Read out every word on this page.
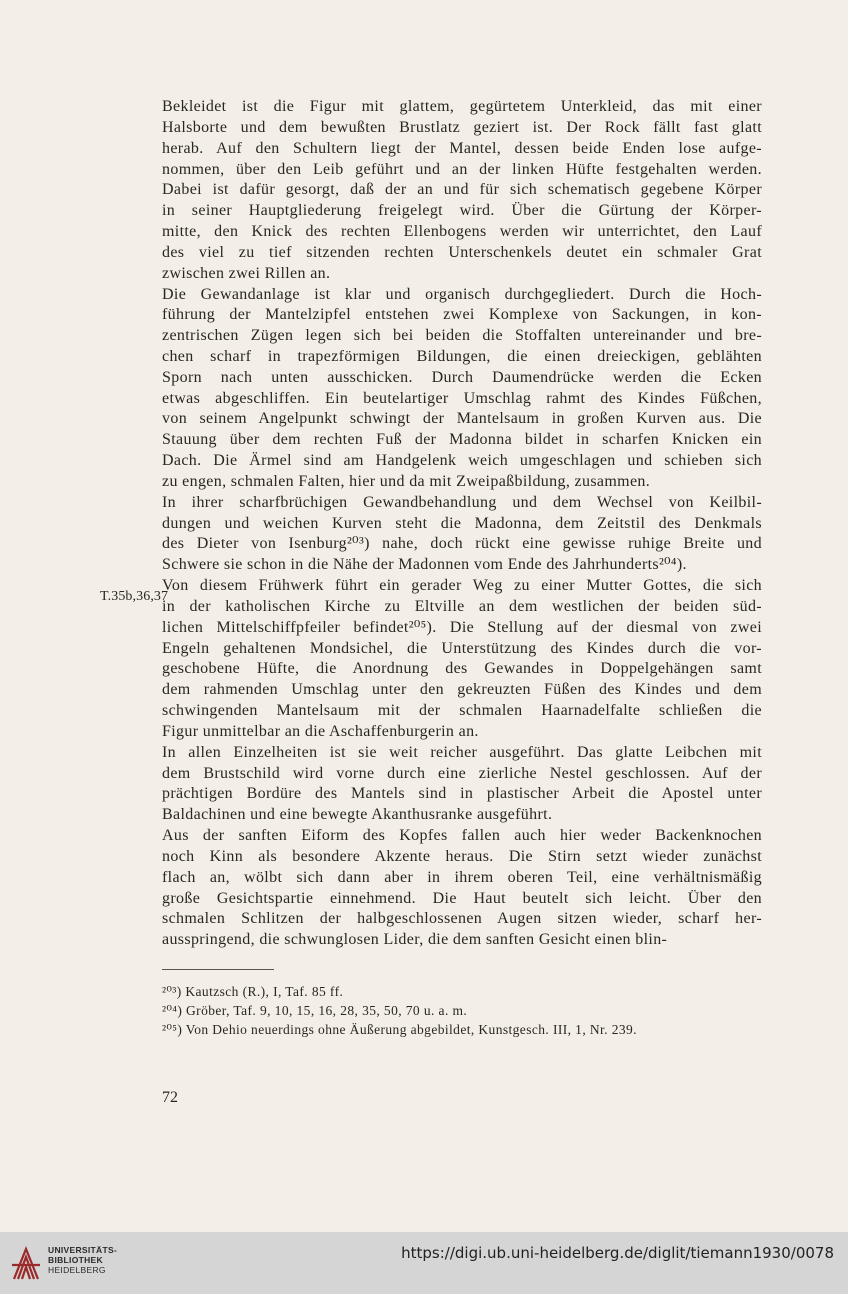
Bekleidet ist die Figur mit glattem, gegürtetem Unterkleid, das mit einer
Halsborte und dem bewußten Brustlatz geziert ist. Der Rock fällt fast glatt
herab. Auf den Schultern liegt der Mantel, dessen beide Enden lose aufge-
nommen, über den Leib geführt und an der linken Hüfte festgehalten werden.
Dabei ist dafür gesorgt, daß der an und für sich schematisch gegebene Körper
in seiner Hauptgliederung freigelegt wird. Über die Gürtung der Körper-
mitte, den Knick des rechten Ellenbogens werden wir unterrichtet, den Lauf
des viel zu tief sitzenden rechten Unterschenkels deutet ein schmaler Grat
zwischen zwei Rillen an.
Die Gewandanlage ist klar und organisch durchgegliedert. Durch die Hoch-
führung der Mantelzipfel entstehen zwei Komplexe von Sackungen, in kon-
zentrischen Zügen legen sich bei beiden die Stoffalten untereinander und bre-
chen scharf in trapezförmigen Bildungen, die einen dreieckigen, geblähten
Sporn nach unten ausschicken. Durch Daumendrücke werden die Ecken
etwas abgeschliffen. Ein beutelartiger Umschlag rahmt des Kindes Füßchen,
von seinem Angelpunkt schwingt der Mantelsaum in großen Kurven aus. Die
Stauung über dem rechten Fuß der Madonna bildet in scharfen Knicken ein
Dach. Die Ärmel sind am Handgelenk weich umgeschlagen und schieben sich
zu engen, schmalen Falten, hier und da mit Zweipaßbildung, zusammen.
In ihrer scharfbrüchigen Gewandbehandlung und dem Wechsel von Keilbil-
dungen und weichen Kurven steht die Madonna, dem Zeitstil des Denkmals
des Dieter von Isenburg²⁰³) nahe, doch rückt eine gewisse ruhige Breite und
Schwere sie schon in die Nähe der Madonnen vom Ende des Jahrhunderts²⁰⁴).
Von diesem Frühwerk führt ein gerader Weg zu einer Mutter Gottes, die sich
in der katholischen Kirche zu Eltville an dem westlichen der beiden süd-
lichen Mittelschiffpfeiler befindet²⁰⁵). Die Stellung auf der diesmal von zwei
Engeln gehaltenen Mondsichel, die Unterstützung des Kindes durch die vor-
geschobene Hüfte, die Anordnung des Gewandes in Doppelgehängen samt
dem rahmenden Umschlag unter den gekreuzten Füßen des Kindes und dem
schwingenden Mantelsaum mit der schmalen Haarnadelfalte schließen die
Figur unmittelbar an die Aschaffenburgerin an.
In allen Einzelheiten ist sie weit reicher ausgeführt. Das glatte Leibchen mit
dem Brustschild wird vorne durch eine zierliche Nestel geschlossen. Auf der
prächtigen Bordüre des Mantels sind in plastischer Arbeit die Apostel unter
Baldachinen und eine bewegte Akanthusranke ausgeführt.
Aus der sanften Eiform des Kopfes fallen auch hier weder Backenknochen
noch Kinn als besondere Akzente heraus. Die Stirn setzt wieder zunächst
flach an, wölbt sich dann aber in ihrem oberen Teil, eine verhältnismäßig
große Gesichtspartie einnehmend. Die Haut beutelt sich leicht. Über den
schmalen Schlitzen der halbgeschlossenen Augen sitzen wieder, scharf her-
ausspringend, die schwunglosen Lider, die dem sanften Gesicht einen blin-
T.35b,36,37
²⁰³) Kautzsch (R.), I, Taf. 85 ff.
²⁰⁴) Gröber, Taf. 9, 10, 15, 16, 28, 35, 50, 70 u. a. m.
²⁰⁵) Von Dehio neuerdings ohne Äußerung abgebildet, Kunstgesch. III, 1, Nr. 239.
72
UNIVERSITÄTS-
BIBLIOTHEK
HEIDELBERG
https://digi.ub.uni-heidelberg.de/diglit/tiemann1930/0078
